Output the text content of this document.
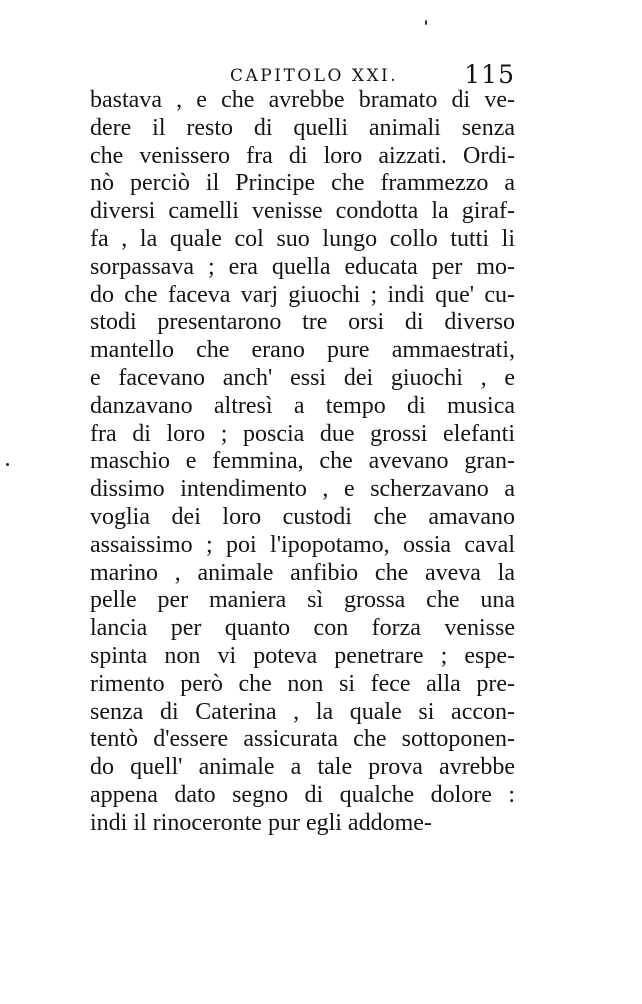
CAPITOLO XXI.	115
bastava , e che avrebbe bramato di ve-
dere il resto di quelli animali senza
che venissero fra di loro aizzati. Ordi-
nò perciò il Principe che frammezzo a
diversi camelli venisse condotta la giraf-
fa , la quale col suo lungo collo tutti li
sorpassava ; era quella educata per mo-
do che faceva varj giuochi ; indi que' cu-
stodi presentarono tre orsi di diverso
mantello che erano pure ammaestrati,
e facevano anch' essi dei giuochi , e
danzavano altresì a tempo di musica
fra di loro ; poscia due grossi elefanti
maschio e femmina, che avevano gran-
dissimo intendimento , e scherzavano a
voglia dei loro custodi che amavano
assaissimo ; poi l'ipopotamo, ossia caval
marino , animale anfibio che aveva la
pelle per maniera sì grossa che una
lancia per quanto con forza venisse
spinta non vi poteva penetrare ; espe-
rimento però che non si fece alla pre-
senza di Caterina , la quale si accon-
tentò d'essere assicurata che sottoponen-
do quell' animale a tale prova avrebbe
appena dato segno di qualche dolore :
indi il rinoceronte pur egli addome-
